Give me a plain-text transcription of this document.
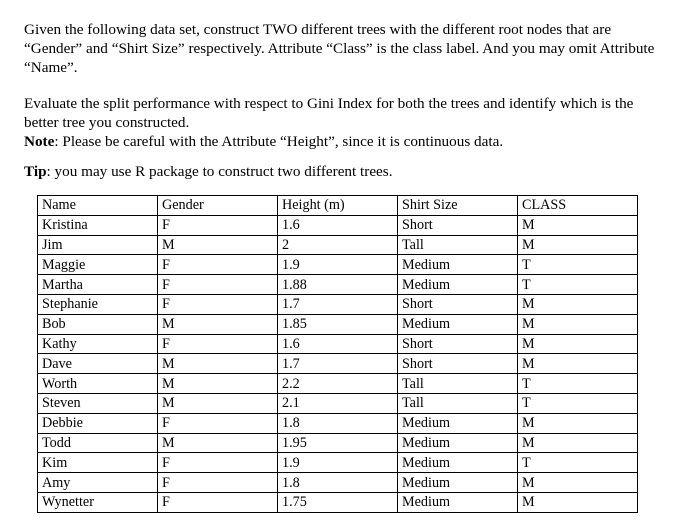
Given the following data set, construct TWO different trees with the different root nodes that are “Gender” and “Shirt Size” respectively. Attribute “Class” is the class label. And you may omit Attribute “Name”.
Evaluate the split performance with respect to Gini Index for both the trees and identify which is the better tree you constructed.
Note: Please be careful with the Attribute “Height”, since it is continuous data.
Tip: you may use R package to construct two different trees.
Name	Gender	Height (m)	Shirt Size	CLASS
Kristina	F	1.6	Short	M
Jim	M	2	Tall	M
Maggie	F	1.9	Medium	T
Martha	F	1.88	Medium	T
Stephanie	F	1.7	Short	M
Bob	M	1.85	Medium	M
Kathy	F	1.6	Short	M
Dave	M	1.7	Short	M
Worth	M	2.2	Tall	T
Steven	M	2.1	Tall	T
Debbie	F	1.8	Medium	M
Todd	M	1.95	Medium	M
Kim	F	1.9	Medium	T
Amy	F	1.8	Medium	M
Wynetter	F	1.75	Medium	M
